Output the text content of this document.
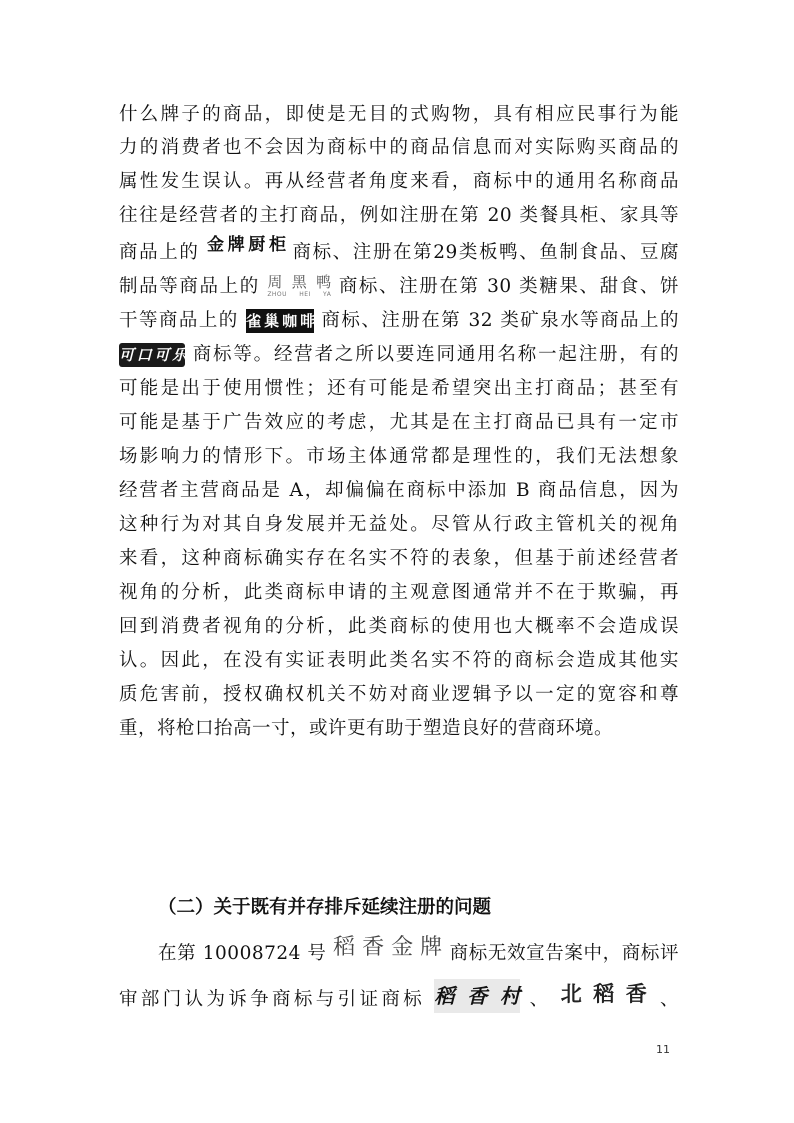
什么牌子的商品，即使是无目的式购物，具有相应民事行为能
力的消费者也不会因为商标中的商品信息而对实际购买商品的
属性发生误认。再从经营者角度来看，商标中的通用名称商品
往往是经营者的主打商品，例如注册在第 20 类餐具柜、家具等
商品上的 金牌厨柜 商标、注册在第29类板鸭、鱼制食品、豆腐
制品等商品上的 周黑鸭
ZHOU HEI YA 商标、注册在第 30 类糖果、甜食、饼
干等商品上的 雀巢咖啡 商标、注册在第 32 类矿泉水等商品上的
可口可乐 商标等。经营者之所以要连同通用名称一起注册，有的
可能是出于使用惯性；还有可能是希望突出主打商品；甚至有
可能是基于广告效应的考虑，尤其是在主打商品已具有一定市
场影响力的情形下。市场主体通常都是理性的，我们无法想象
经营者主营商品是 A，却偏偏在商标中添加 B 商品信息，因为
这种行为对其自身发展并无益处。尽管从行政主管机关的视角
来看，这种商标确实存在名实不符的表象，但基于前述经营者
视角的分析，此类商标申请的主观意图通常并不在于欺骗，再
回到消费者视角的分析，此类商标的使用也大概率不会造成误
认。因此，在没有实证表明此类名实不符的商标会造成其他实
质危害前，授权确权机关不妨对商业逻辑予以一定的宽容和尊
重，将枪口抬高一寸，或许更有助于塑造良好的营商环境。
（二）关于既有并存排斥延续注册的问题
在第 10008724 号 稻香金牌 商标无效宣告案中，商标评
审部门认为诉争商标与引证商标 稻香村 、 北稻香 、
11
